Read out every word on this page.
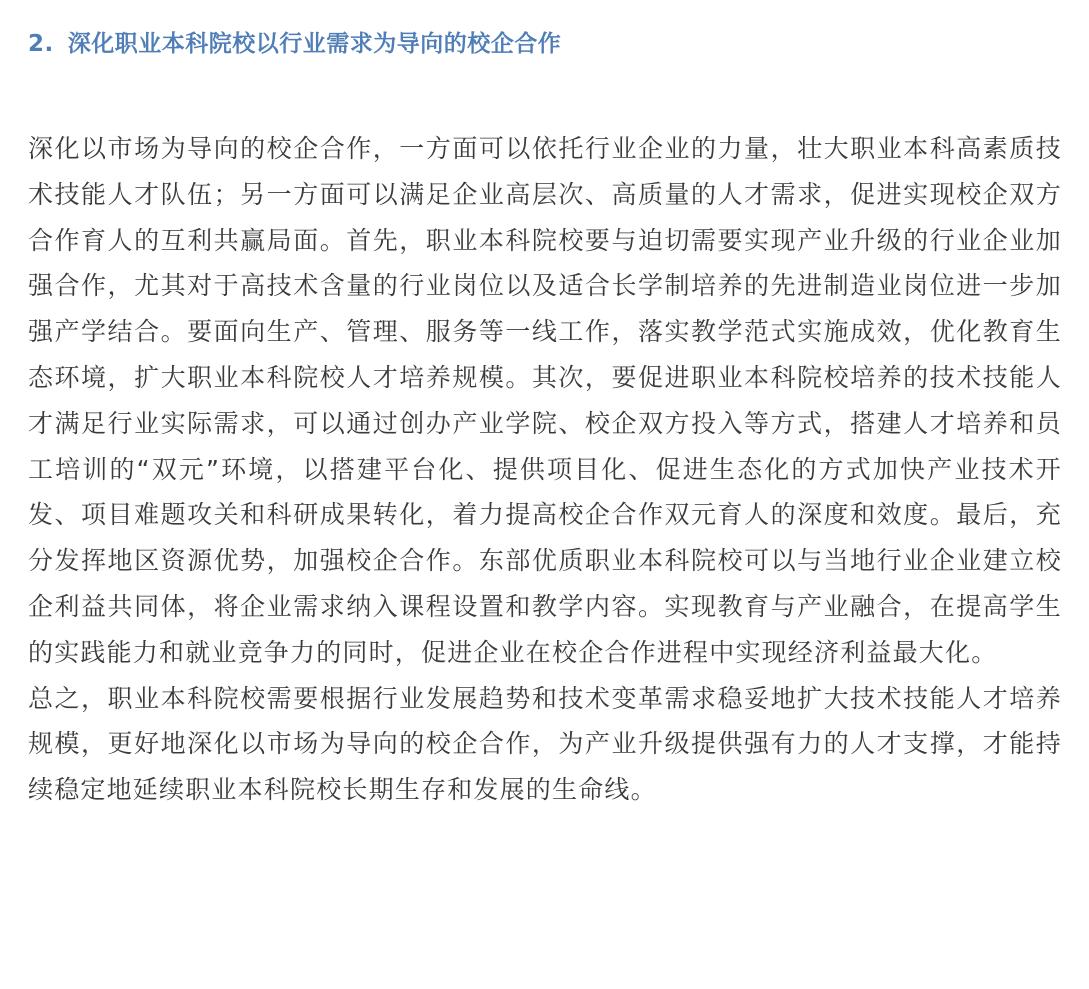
2. 深化职业本科院校以行业需求为导向的校企合作

深化以市场为导向的校企合作，一方面可以依托行业企业的力量，壮大职业本科高素质技术技能人才队伍；另一方面可以满足企业高层次、高质量的人才需求，促进实现校企双方合作育人的互利共赢局面。首先，职业本科院校要与迫切需要实现产业升级的行业企业加强合作，尤其对于高技术含量的行业岗位以及适合长学制培养的先进制造业岗位进一步加强产学结合。要面向生产、管理、服务等一线工作，落实教学范式实施成效，优化教育生态环境，扩大职业本科院校人才培养规模。其次，要促进职业本科院校培养的技术技能人才满足行业实际需求，可以通过创办产业学院、校企双方投入等方式，搭建人才培养和员工培训的“双元”环境，以搭建平台化、提供项目化、促进生态化的方式加快产业技术开发、项目难题攻关和科研成果转化，着力提高校企合作双元育人的深度和效度。最后，充分发挥地区资源优势，加强校企合作。东部优质职业本科院校可以与当地行业企业建立校企利益共同体，将企业需求纳入课程设置和教学内容。实现教育与产业融合，在提高学生的实践能力和就业竞争力的同时，促进企业在校企合作进程中实现经济利益最大化。

总之，职业本科院校需要根据行业发展趋势和技术变革需求稳妥地扩大技术技能人才培养规模，更好地深化以市场为导向的校企合作，为产业升级提供强有力的人才支撑，才能持续稳定地延续职业本科院校长期生存和发展的生命线。
